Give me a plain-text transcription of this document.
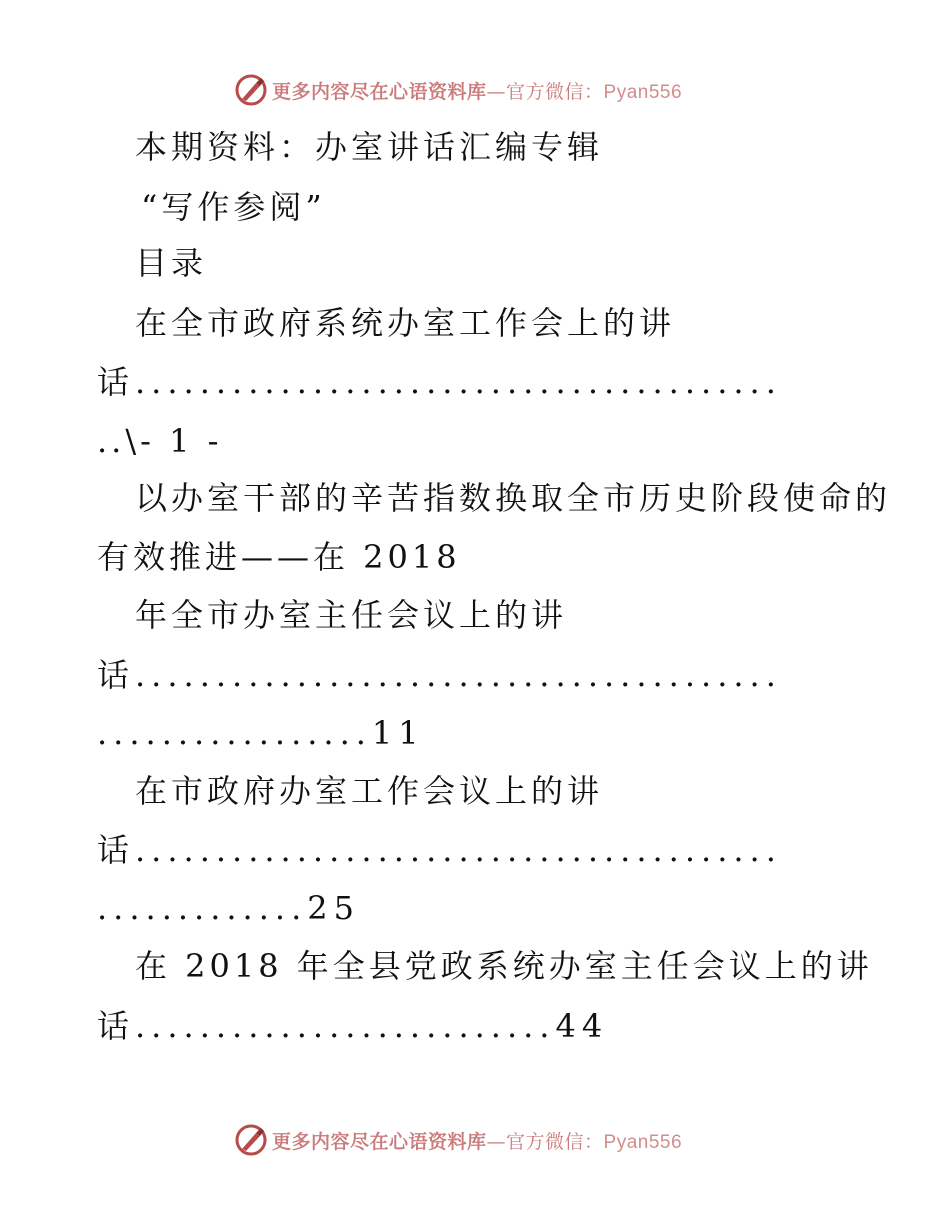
更多内容尽在心语资料库—官方微信：Pyan556
本期资料：办室讲话汇编专辑
“写作参阅”
目录
在全市政府系统办室工作会上的讲
话........................................
..\- 1 -
以办室干部的辛苦指数换取全市历史阶段使命的
有效推进——在 2018
年全市办室主任会议上的讲
话........................................
.................11
在市政府办室工作会议上的讲
话........................................
.............25
在 2018 年全县党政系统办室主任会议上的讲
话..........................44
更多内容尽在心语资料库—官方微信：Pyan556
